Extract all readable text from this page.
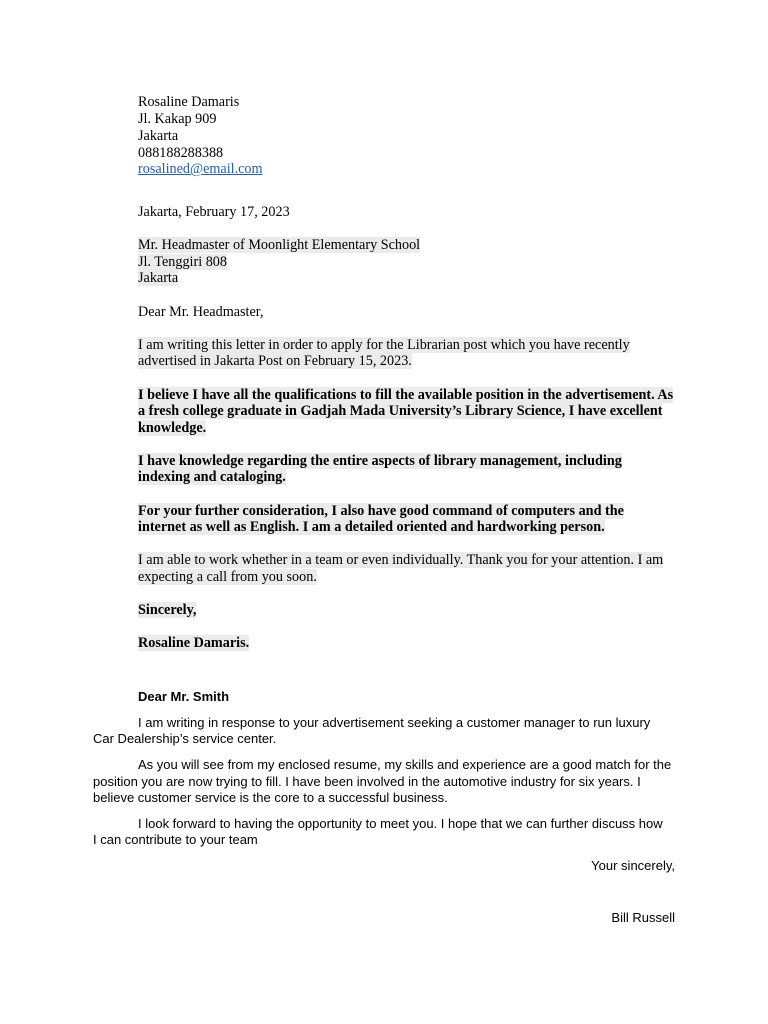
Rosaline Damaris
Jl. Kakap 909
Jakarta
088188288388
rosalined@email.com
Jakarta, February 17, 2023
Mr. Headmaster of Moonlight Elementary School
Jl. Tenggiri 808
Jakarta
Dear Mr. Headmaster,
I am writing this letter in order to apply for the Librarian post which you have recently
advertised in Jakarta Post on February 15, 2023.
I believe I have all the qualifications to fill the available position in the advertisement. As
a fresh college graduate in Gadjah Mada University’s Library Science, I have excellent
knowledge.
I have knowledge regarding the entire aspects of library management, including
indexing and cataloging.
For your further consideration, I also have good command of computers and the
internet as well as English. I am a detailed oriented and hardworking person.
I am able to work whether in a team or even individually. Thank you for your attention. I am
expecting a call from you soon.
Sincerely,
Rosaline Damaris.
Dear Mr. Smith
I am writing in response to your advertisement seeking a customer manager to run luxury
Car Dealership’s service center.
As you will see from my enclosed resume, my skills and experience are a good match for the
position you are now trying to fill. I have been involved in the automotive industry for six years. I
believe customer service is the core to a successful business.
I look forward to having the opportunity to meet you. I hope that we can further discuss how
I can contribute to your team
Your sincerely,
Bill Russell
